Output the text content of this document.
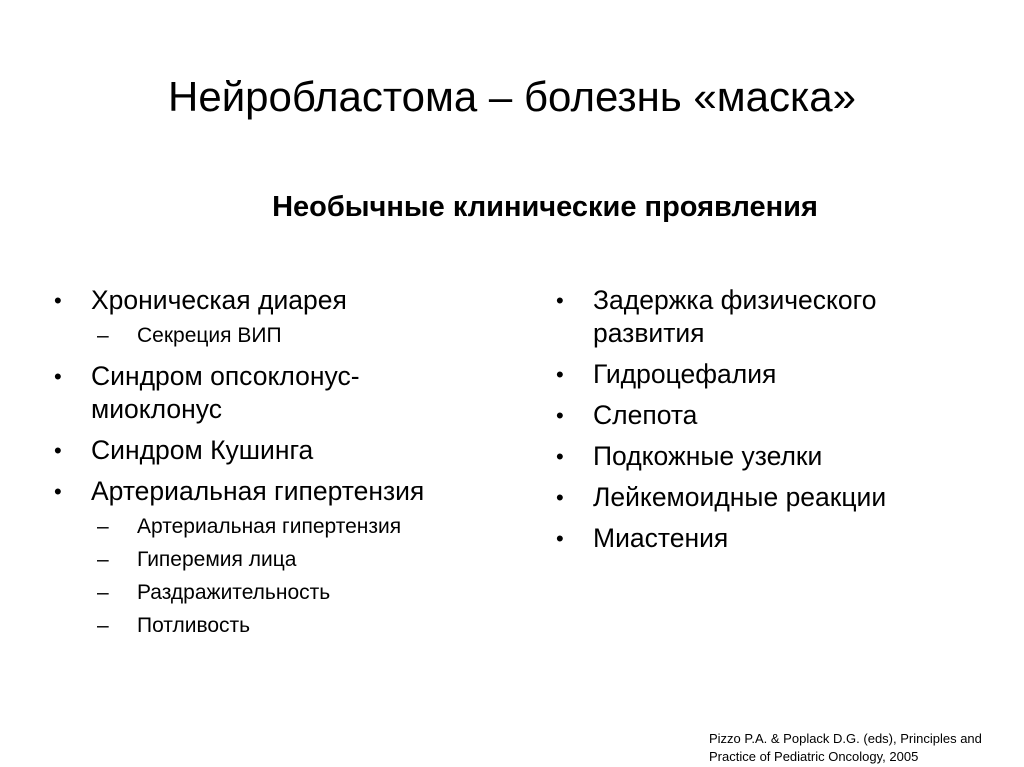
Нейробластома – болезнь «маска»
Необычные клинические проявления
• Хроническая диарея
– Секреция ВИП
• Синдром опсоклонус-миоклонус
• Синдром Кушинга
• Артериальная гипертензия
– Артериальная гипертензия
– Гиперемия лица
– Раздражительность
– Потливость
• Задержка физического развития
• Гидроцефалия
• Слепота
• Подкожные узелки
• Лейкемоидные реакции
• Миастения
Pizzo P.A. & Poplack D.G. (eds), Principles and
Practice of Pediatric Oncology, 2005
